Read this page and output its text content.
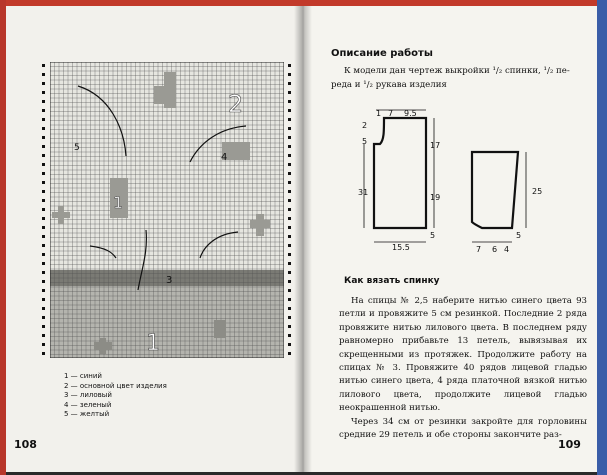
2
1
5
4
3
1
1 — синий
2 — основной цвет изделия
3 — лиловый
4 — зеленый
5 — желтый
108
Описание работы
К модели дан чертеж выкройки ¹/₂ спинки, ¹/₂ пе-
реда и ¹/₂ рукава изделия
1 7 9.5
2
5	17
31
19
15.5
5
25
5
7 6 4
Как вязать спинку

На спицы № 2,5 наберите нитью синего цвета 93 петли и провяжите 5 см резинкой. Последние 2 ряда провяжите нитью лилового цвета. В последнем ряду равномерно прибавьте 13 петель, вывязывая их скрещенными из протяжек. Продолжите работу на спицах № 3. Провяжите 40 рядов лицевой гладью нитью синего цвета, 4 ряда платочной вязкой нитью лилового цвета, продолжите лицевой гладью неокрашенной нитью.

Через 34 см от резинки закройте для горловины средние 29 петель и обе стороны закончите раз-

109
